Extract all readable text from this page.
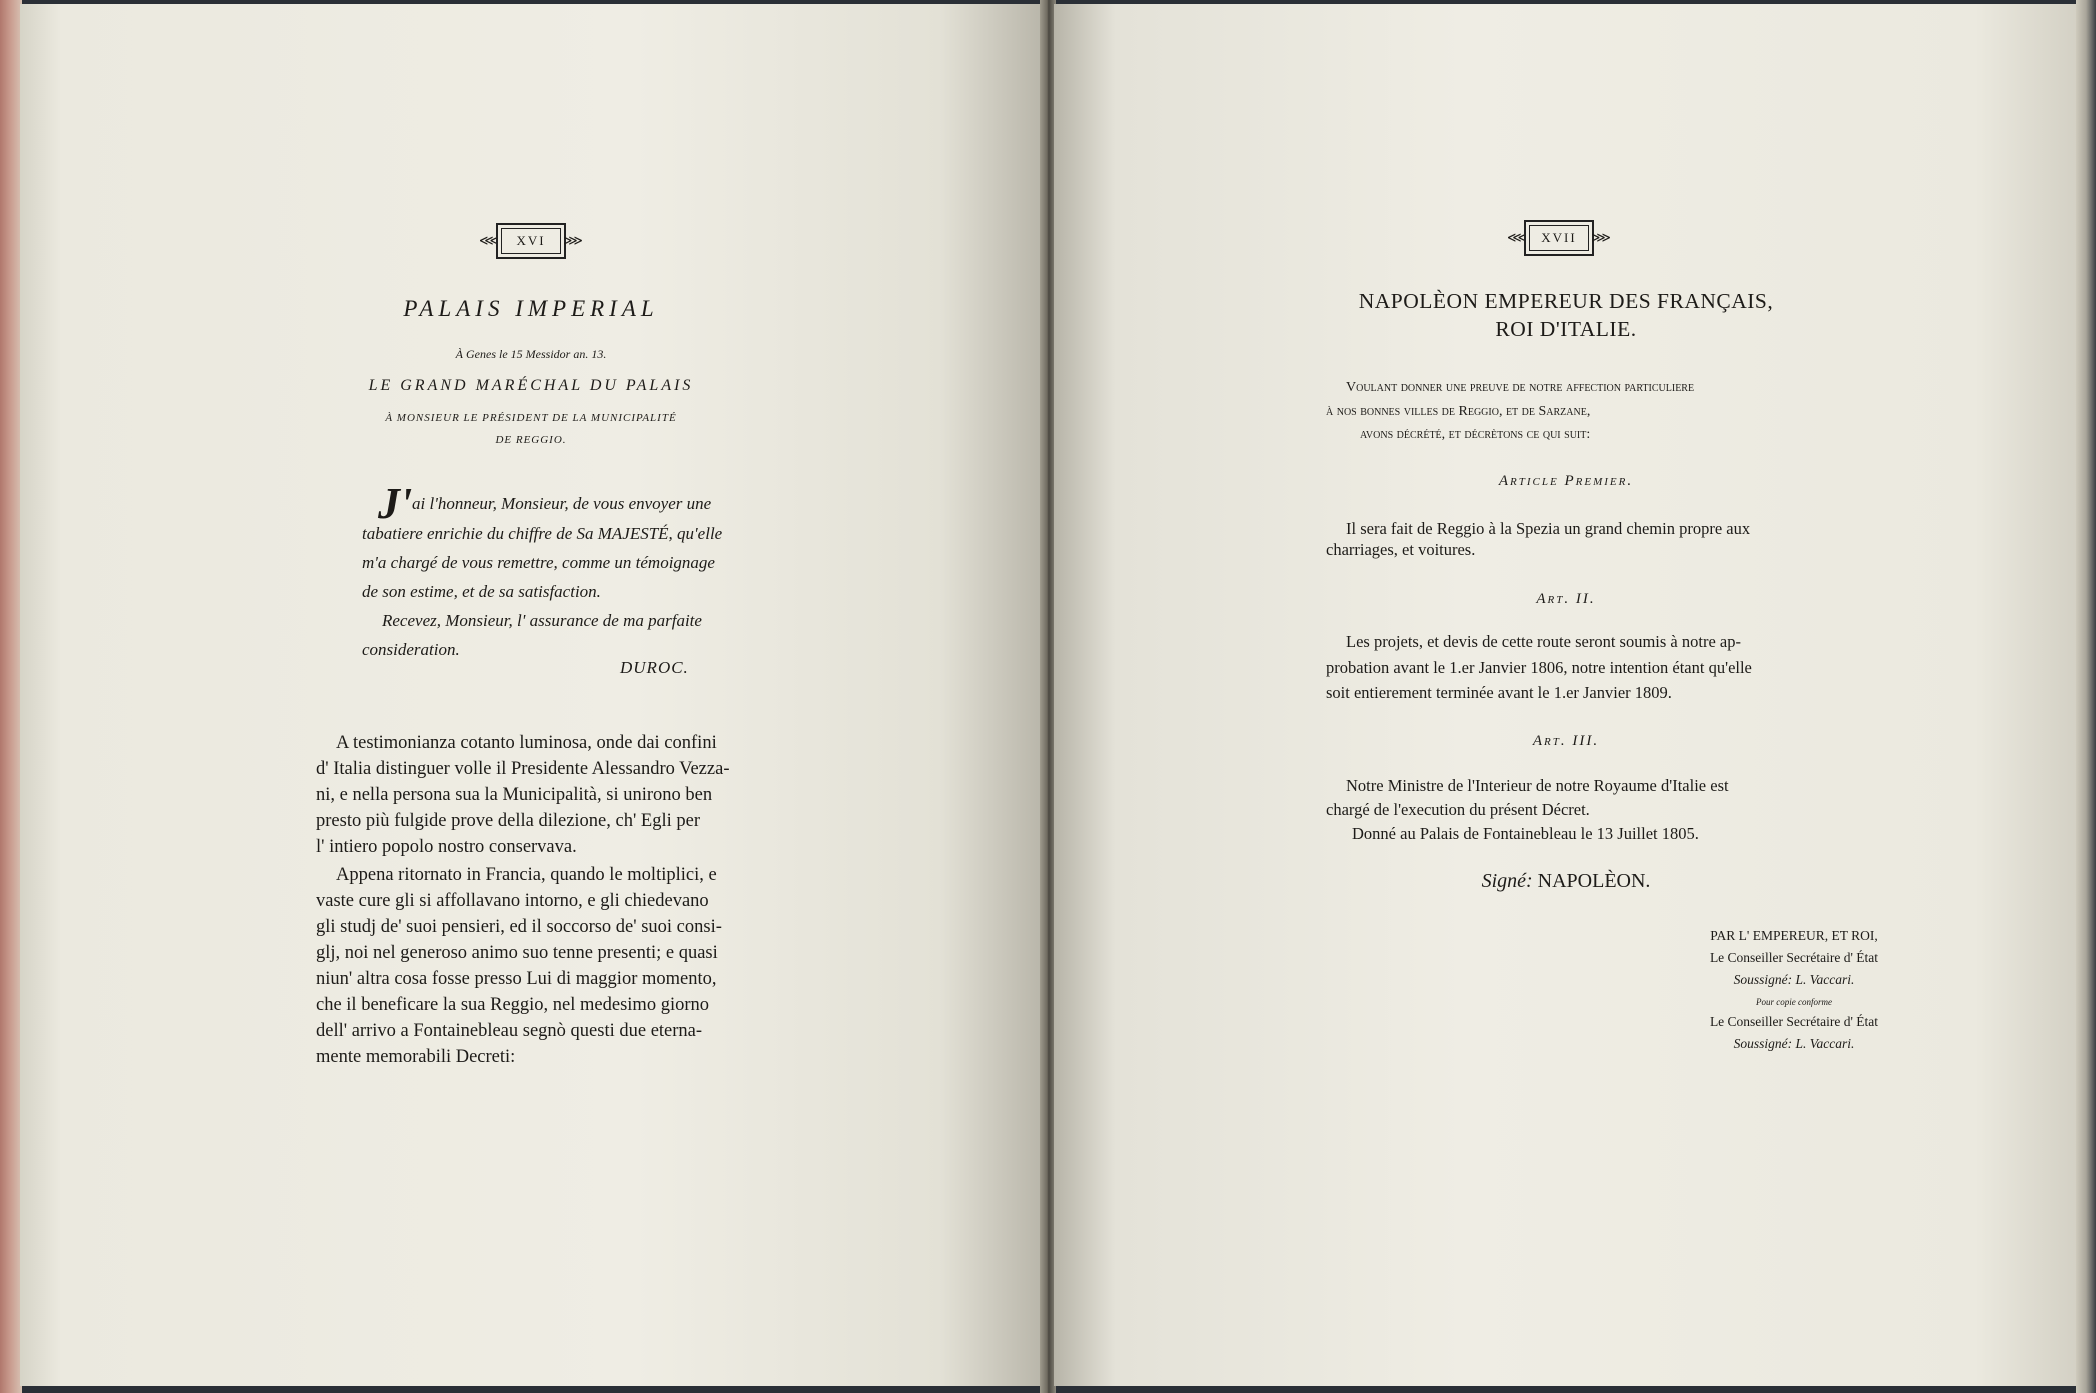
⋘	XVI	⋙
PALAIS IMPERIAL
À Genes le 15 Messidor an. 13.
LE GRAND MARÉCHAL DU PALAIS
À MONSIEUR LE PRÉSIDENT DE LA MUNICIPALITÉ
DE REGGIO.
J' ai l'honneur, Monsieur, de vous envoyer une
tabatiere enrichie du chiffre de Sa MAJESTÉ, qu'elle
m'a chargé de vous remettre, comme un témoignage
de son estime, et de sa satisfaction.
Recevez, Monsieur, l' assurance de ma parfaite
consideration.
DUROC.
A testimonianza cotanto luminosa, onde dai confini
d' Italia distinguer volle il Presidente Alessandro Vezza-
ni, e nella persona sua la Municipalità, si unirono ben
presto più fulgide prove della dilezione, ch' Egli per
l' intiero popolo nostro conservava.
Appena ritornato in Francia, quando le moltiplici, e
vaste cure gli si affollavano intorno, e gli chiedevano
gli studj de' suoi pensieri, ed il soccorso de' suoi consi-
glj, noi nel generoso animo suo tenne presenti; e quasi
niun' altra cosa fosse presso Lui di maggior momento,
che il beneficare la sua Reggio, nel medesimo giorno
dell' arrivo a Fontainebleau segnò questi due eterna-
mente memorabili Decreti:
⋘	XVII	⋙
NAPOLÈON EMPEREUR DES FRANÇAIS,
ROI D'ITALIE.
Voulant donner une preuve de notre affection particuliere
à nos bonnes villes de Reggio, et de Sarzane,
avons décrété, et décrètons ce qui suit:
Article Premier.
Il sera fait de Reggio à la Spezia un grand chemin propre aux
charriages, et voitures.
Art. II.
Les projets, et devis de cette route seront soumis à notre ap-
probation avant le 1.er Janvier 1806, notre intention étant qu'elle
soit entierement terminée avant le 1.er Janvier 1809.
Art. III.
Notre Ministre de l'Interieur de notre Royaume d'Italie est
chargé de l'execution du présent Décret.
Donné au Palais de Fontainebleau le 13 Juillet 1805.
Signé: NAPOLÈON.
PAR L' EMPEREUR, ET ROI,
Le Conseiller Secrétaire d' État
Soussigné: L. Vaccari.
Pour copie conforme
Le Conseiller Secrétaire d' État
Soussigné: L. Vaccari.
